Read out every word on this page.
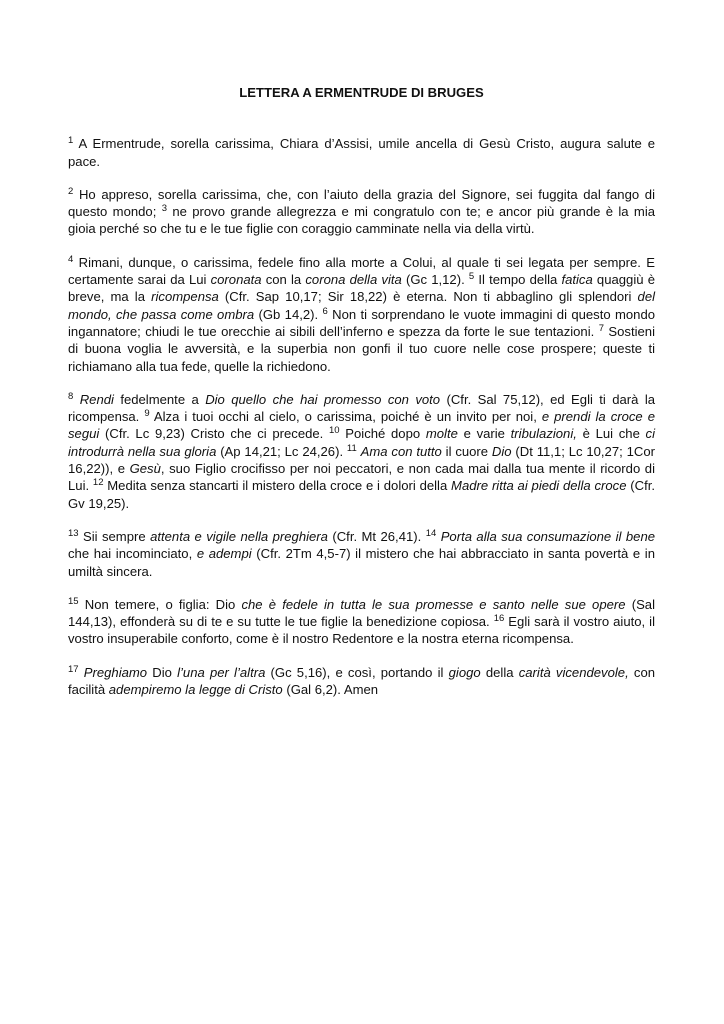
LETTERA A ERMENTRUDE DI BRUGES

$^1$ A Ermentrude, sorella carissima, Chiara d’Assisi, umile ancella di Gesù Cristo, augura salute e pace.

$^2$ Ho appreso, sorella carissima, che, con l’aiuto della grazia del Signore, sei fuggita dal fango di questo mondo; $^3$ ne provo grande allegrezza e mi congratulo con te; e ancor più grande è la mia gioia perché so che tu e le tue figlie con coraggio camminate nella via della virtù.

$^4$ Rimani, dunque, o carissima, fedele fino alla morte a Colui, al quale ti sei legata per sempre. E certamente sarai da Lui coronata con la corona della vita (Gc 1,12). $^5$ Il tempo della fatica quaggiù è breve, ma la ricompensa (Cfr. Sap 10,17; Sir 18,22) è eterna. Non ti abbaglino gli splendori del mondo, che passa come ombra (Gb 14,2). $^6$ Non ti sorprendano le vuote immagini di questo mondo ingannatore; chiudi le tue orecchie ai sibili dell’inferno e spezza da forte le sue tentazioni. $^7$ Sostieni di buona voglia le avversità, e la superbia non gonfi il tuo cuore nelle cose prospere; queste ti richiamano alla tua fede, quelle la richiedono.

$^8$ Rendi fedelmente a Dio quello che hai promesso con voto (Cfr. Sal 75,12), ed Egli ti darà la ricompensa. $^9$ Alza i tuoi occhi al cielo, o carissima, poiché è un invito per noi, e prendi la croce e segui (Cfr. Lc 9,23) Cristo che ci precede. $^{10}$ Poiché dopo molte e varie tribulazioni, è Lui che ci introdurrà nella sua gloria (Ap 14,21; Lc 24,26). $^{11}$ Ama con tutto il cuore Dio (Dt 11,1; Lc 10,27; 1Cor 16,22)), e Gesù, suo Figlio crocifisso per noi peccatori, e non cada mai dalla tua mente il ricordo di Lui. $^{12}$ Medita senza stancarti il mistero della croce e i dolori della Madre ritta ai piedi della croce (Cfr. Gv 19,25).

$^{13}$ Sii sempre attenta e vigile nella preghiera (Cfr. Mt 26,41). $^{14}$ Porta alla sua consumazione il bene che hai incominciato, e adempi (Cfr. 2Tm 4,5-7) il mistero che hai abbracciato in santa povertà e in umiltà sincera.

$^{15}$ Non temere, o figlia: Dio che è fedele in tutta le sua promesse e santo nelle sue opere (Sal 144,13), effonderà su di te e su tutte le tue figlie la benedizione copiosa. $^{16}$ Egli sarà il vostro aiuto, il vostro insuperabile conforto, come è il nostro Redentore e la nostra eterna ricompensa.

$^{17}$ Preghiamo Dio l’una per l’altra (Gc 5,16), e così, portando il giogo della carità vicendevole, con facilità adempiremo la legge di Cristo (Gal 6,2). Amen
